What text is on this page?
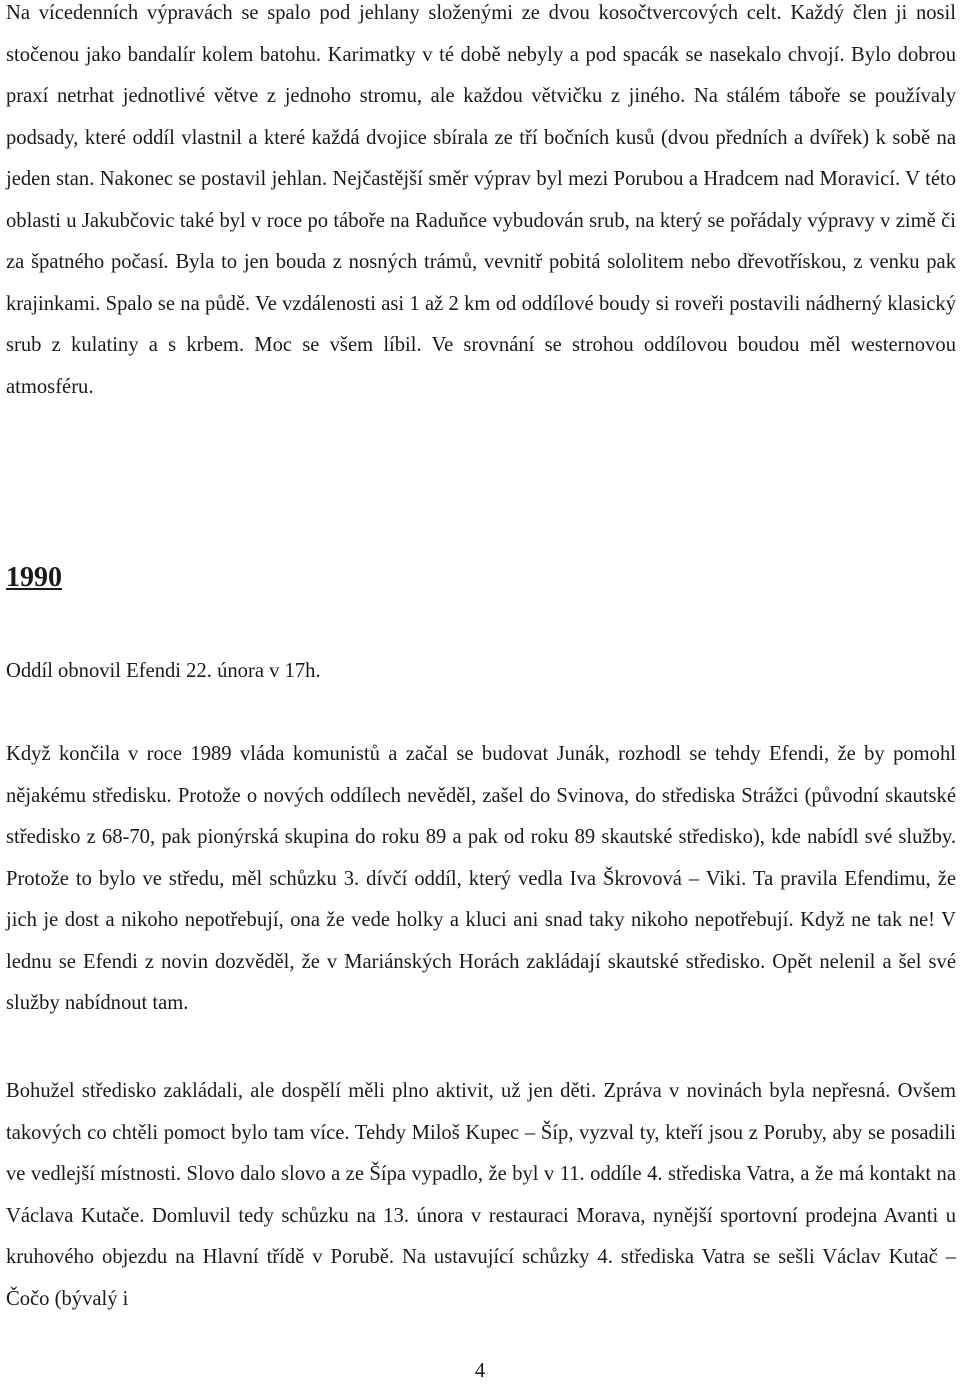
Na vícedenních výpravách se spalo pod jehlany složenými ze dvou kosočtvercových celt. Každý člen ji nosil stočenou jako bandalír kolem batohu. Karimatky v té době nebyly a pod spacák se nasekalo chvojí. Bylo dobrou praxí netrhat jednotlivé větve z jednoho stromu, ale každou větvičku z jiného. Na stálém táboře se používaly podsady, které oddíl vlastnil a které každá dvojice sbírala ze tří bočních kusů (dvou předních a dvířek) k sobě na jeden stan. Nakonec se postavil jehlan. Nejčastější směr výprav byl mezi Porubou a Hradcem nad Moravicí. V této oblasti u Jakubčovic také byl v roce po táboře na Raduňce vybudován srub, na který se pořádaly výpravy v zimě či za špatného počasí. Byla to jen bouda z nosných trámů, vevnitř pobitá sololitem nebo dřevotřískou, z venku pak krajinkami. Spalo se na půdě. Ve vzdálenosti asi 1 až 2 km od oddílové boudy si roveři postavili nádherný klasický srub z kulatiny a s krbem. Moc se všem líbil. Ve srovnání se strohou oddílovou boudou měl westernovou atmosféru.

1990

Oddíl obnovil Efendi 22. února v 17h.

Když končila v roce 1989 vláda komunistů a začal se budovat Junák, rozhodl se tehdy Efendi, že by pomohl nějakému středisku. Protože o nových oddílech nevěděl, zašel do Svinova, do střediska Strážci (původní skautské středisko z 68-70, pak pionýrská skupina do roku 89 a pak od roku 89 skautské středisko), kde nabídl své služby. Protože to bylo ve středu, měl schůzku 3. dívčí oddíl, který vedla Iva Škrovová – Viki. Ta pravila Efendimu, že jich je dost a nikoho nepotřebují, ona že vede holky a kluci ani snad taky nikoho nepotřebují. Když ne tak ne! V lednu se Efendi z novin dozvěděl, že v Mariánských Horách zakládají skautské středisko. Opět nelenil a šel své služby nabídnout tam.

Bohužel středisko zakládali, ale dospělí měli plno aktivit, už jen děti. Zpráva v novinách byla nepřesná. Ovšem takových co chtěli pomoct bylo tam více. Tehdy Miloš Kupec – Šíp, vyzval ty, kteří jsou z Poruby, aby se posadili ve vedlejší místnosti. Slovo dalo slovo a ze Šípa vypadlo, že byl v 11. oddíle 4. střediska Vatra, a že má kontakt na Václava Kutače. Domluvil tedy schůzku na 13. února v restauraci Morava, nynější sportovní prodejna Avanti u kruhového objezdu na Hlavní třídě v Porubě. Na ustavující schůzky 4. střediska Vatra se sešli Václav Kutač – Čočo (bývalý i

4
